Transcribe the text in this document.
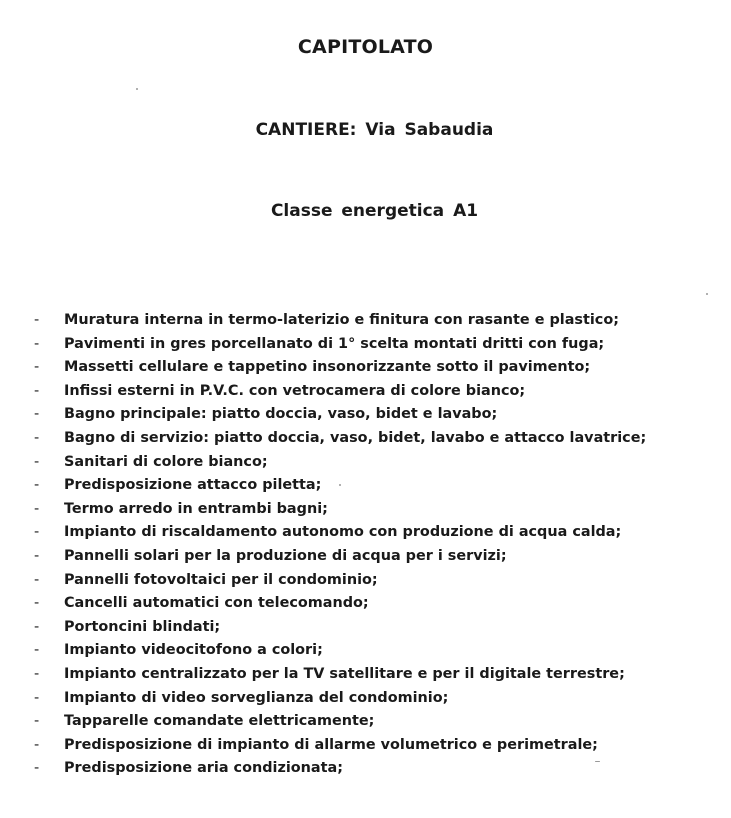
CAPITOLATO
CANTIERE: Via Sabaudia
Classe energetica A1
- Muratura interna in termo-laterizio e finitura con rasante e plastico;
- Pavimenti in gres porcellanato di 1° scelta montati dritti con fuga;
- Massetti cellulare e tappetino insonorizzante sotto il pavimento;
- Infissi esterni in P.V.C. con vetrocamera di colore bianco;
- Bagno principale: piatto doccia, vaso, bidet e lavabo;
- Bagno di servizio: piatto doccia, vaso, bidet, lavabo e attacco lavatrice;
- Sanitari di colore bianco;
- Predisposizione attacco piletta;
- Termo arredo in entrambi bagni;
- Impianto di riscaldamento autonomo con produzione di acqua calda;
- Pannelli solari per la produzione di acqua per i servizi;
- Pannelli fotovoltaici per il condominio;
- Cancelli automatici con telecomando;
- Portoncini blindati;
- Impianto videocitofono a colori;
- Impianto centralizzato per la TV satellitare e per il digitale terrestre;
- Impianto di video sorveglianza del condominio;
- Tapparelle comandate elettricamente;
- Predisposizione di impianto di allarme volumetrico e perimetrale;
- Predisposizione aria condizionata;
